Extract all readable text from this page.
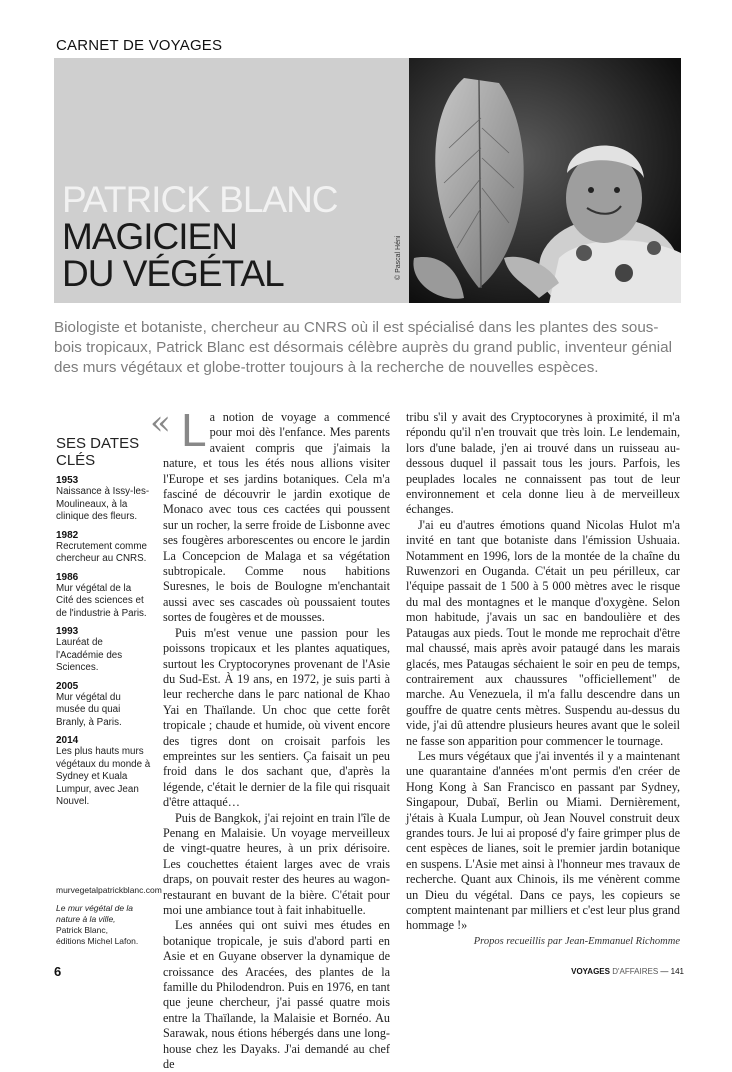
CARNET DE VOYAGES
PATRICK BLANC
MAGICIEN
DU VÉGÉTAL	© Pascal Héni
Biologiste et botaniste, chercheur au CNRS où il est spécialisé dans les plantes des sous-bois tropicaux, Patrick Blanc est désormais célèbre auprès du grand public, inventeur génial des murs végétaux et globe-trotter toujours à la recherche de nouvelles espèces.
SES DATES CLÉS
1953
Naissance à Issy-les-Moulineaux, à la clinique des fleurs.
1982
Recrutement comme chercheur au CNRS.
1986
Mur végétal de la Cité des sciences et de l'industrie à Paris.
1993
Lauréat de l'Académie des Sciences.
2005
Mur végétal du musée du quai Branly, à Paris.
2014
Les plus hauts murs végétaux du monde à Sydney et Kuala Lumpur, avec Jean Nouvel.
murvegetalpatrickblanc.com
Le mur végétal de la nature à la ville,
Patrick Blanc,
éditions Michel Lafon.
« La notion de voyage a commencé pour moi dès l'enfance. Mes parents avaient compris que j'aimais la nature, et tous les étés nous allions visiter l'Europe et ses jardins botaniques. Cela m'a fasciné de découvrir le jardin exotique de Monaco avec tous ces cactées qui poussent sur un rocher, la serre froide de Lisbonne avec ses fougères arborescentes ou encore le jardin La Concepcion de Malaga et sa végétation subtropicale. Comme nous habitions Suresnes, le bois de Boulogne m'enchantait aussi avec ses cascades où poussaient toutes sortes de fougères et de mousses.

Puis m'est venue une passion pour les poissons tropicaux et les plantes aquatiques, surtout les Cryptocorynes provenant de l'Asie du Sud-Est. À 19 ans, en 1972, je suis parti à leur recherche dans le parc national de Khao Yai en Thaïlande. Un choc que cette forêt tropicale ; chaude et humide, où vivent encore des tigres dont on croisait parfois les empreintes sur les sentiers. Ça faisait un peu froid dans le dos sachant que, d'après la légende, c'était le dernier de la file qui risquait d'être attaqué…

Puis de Bangkok, j'ai rejoint en train l'île de Penang en Malaisie. Un voyage merveilleux de vingt-quatre heures, à un prix dérisoire. Les couchettes étaient larges avec de vrais draps, on pouvait rester des heures au wagon-restaurant en buvant de la bière. C'était pour moi une ambiance tout à fait inhabituelle.

Les années qui ont suivi mes études en botanique tropicale, je suis d'abord parti en Asie et en Guyane observer la dynamique de croissance des Aracées, des plantes de la famille du Philodendron. Puis en 1976, en tant que jeune chercheur, j'ai passé quatre mois entre la Thaïlande, la Malaisie et Bornéo. Au Sarawak, nous étions hébergés dans une long-house chez les Dayaks. J'ai demandé au chef de

tribu s'il y avait des Cryptocorynes à proximité, il m'a répondu qu'il n'en trouvait que très loin. Le lendemain, lors d'une balade, j'en ai trouvé dans un ruisseau au-dessous duquel il passait tous les jours. Parfois, les peuplades locales ne connaissent pas tout de leur environnement et cela donne lieu à de merveilleux échanges.

J'ai eu d'autres émotions quand Nicolas Hulot m'a invité en tant que botaniste dans l'émission Ushuaia. Notamment en 1996, lors de la montée de la chaîne du Ruwenzori en Ouganda. C'était un peu périlleux, car l'équipe passait de 1 500 à 5 000 mètres avec le risque du mal des montagnes et le manque d'oxygène. Selon mon habitude, j'avais un sac en bandoulière et des Pataugas aux pieds. Tout le monde me reprochait d'être mal chaussé, mais après avoir pataugé dans les marais glacés, mes Pataugas séchaient le soir en peu de temps, contrairement aux chaussures "officiellement" de marche. Au Venezuela, il m'a fallu descendre dans un gouffre de quatre cents mètres. Suspendu au-dessus du vide, j'ai dû attendre plusieurs heures avant que le soleil ne fasse son apparition pour commencer le tournage.

Les murs végétaux que j'ai inventés il y a maintenant une quarantaine d'années m'ont permis d'en créer de Hong Kong à San Francisco en passant par Sydney, Singapour, Dubaï, Berlin ou Miami. Dernièrement, j'étais à Kuala Lumpur, où Jean Nouvel construit deux grandes tours. Je lui ai proposé d'y faire grimper plus de cent espèces de lianes, soit le premier jardin botanique en suspens. L'Asie met ainsi à l'honneur mes travaux de recherche. Quant aux Chinois, ils me vénèrent comme un Dieu du végétal. Dans ce pays, les copieurs se comptent maintenant par milliers et c'est leur plus grand hommage !»

Propos recueillis par Jean-Emmanuel Richomme
6	VOYAGES D'AFFAIRES — 141
